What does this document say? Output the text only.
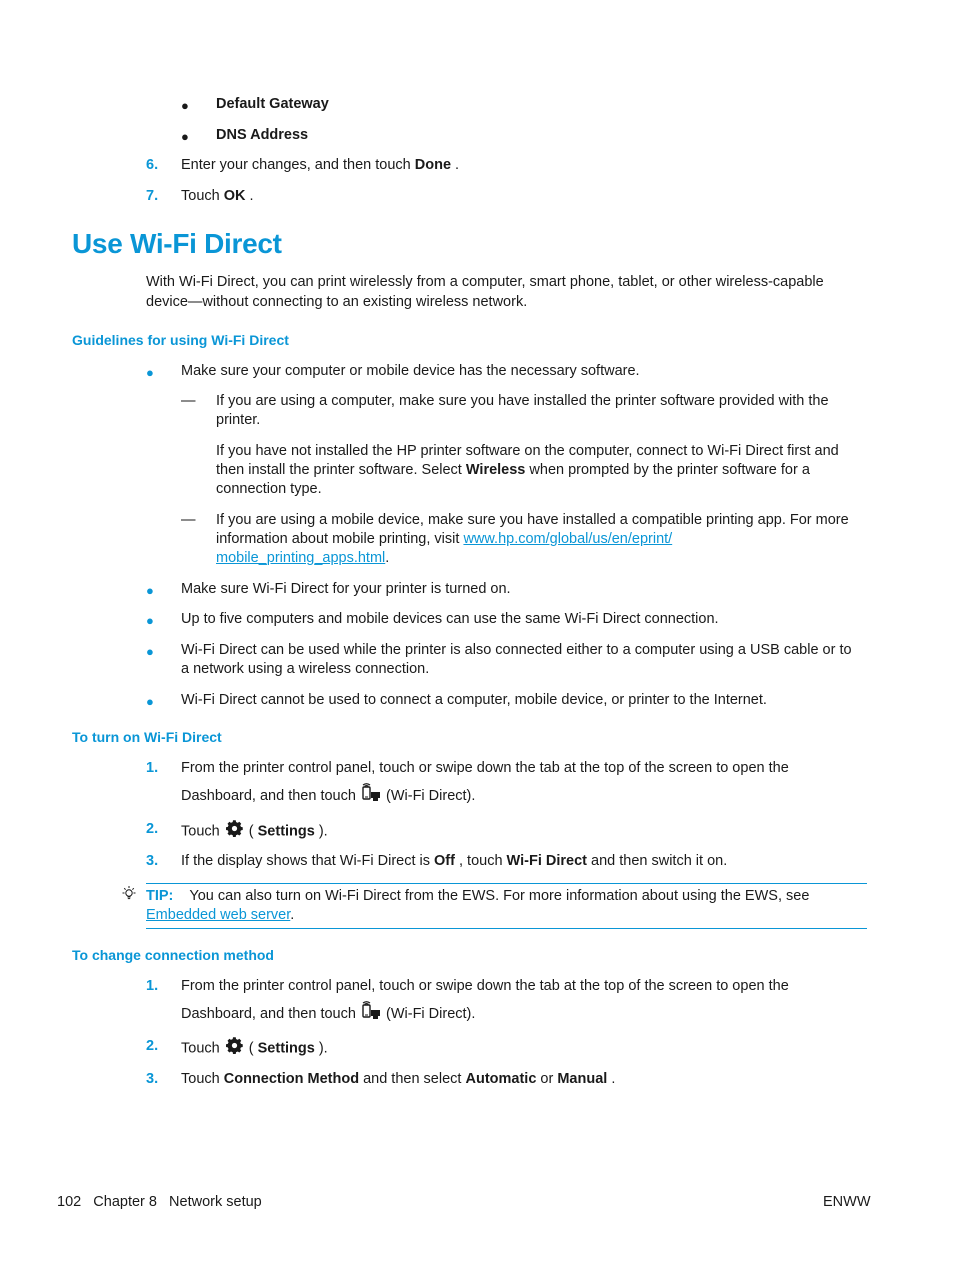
● Default Gateway
● DNS Address
6. Enter your changes, and then touch Done .
7. Touch OK .
Use Wi-Fi Direct
With Wi-Fi Direct, you can print wirelessly from a computer, smart phone, tablet, or other wireless-capable
device—without connecting to an existing wireless network.
Guidelines for using Wi-Fi Direct
● Make sure your computer or mobile device has the necessary software.
— If you are using a computer, make sure you have installed the printer software provided with the
printer.
If you have not installed the HP printer software on the computer, connect to Wi-Fi Direct first and
then install the printer software. Select Wireless when prompted by the printer software for a
connection type.
— If you are using a mobile device, make sure you have installed a compatible printing app. For more
information about mobile printing, visit www.hp.com/global/us/en/eprint/
mobile_printing_apps.html.
● Make sure Wi-Fi Direct for your printer is turned on.
● Up to five computers and mobile devices can use the same Wi-Fi Direct connection.
● Wi-Fi Direct can be used while the printer is also connected either to a computer using a USB cable or to
a network using a wireless connection.
● Wi-Fi Direct cannot be used to connect a computer, mobile device, or printer to the Internet.
To turn on Wi-Fi Direct
1. From the printer control panel, touch or swipe down the tab at the top of the screen to open the
Dashboard, and then touch  (Wi-Fi Direct).
2. Touch  ( Settings ).
3. If the display shows that Wi-Fi Direct is Off , touch Wi-Fi Direct and then switch it on.
TIP: You can also turn on Wi-Fi Direct from the EWS. For more information about using the EWS, see
Embedded web server.
To change connection method
1. From the printer control panel, touch or swipe down the tab at the top of the screen to open the
Dashboard, and then touch  (Wi-Fi Direct).
2. Touch  ( Settings ).
3. Touch Connection Method and then select Automatic or Manual .
102 Chapter 8   Network setup	ENWW
